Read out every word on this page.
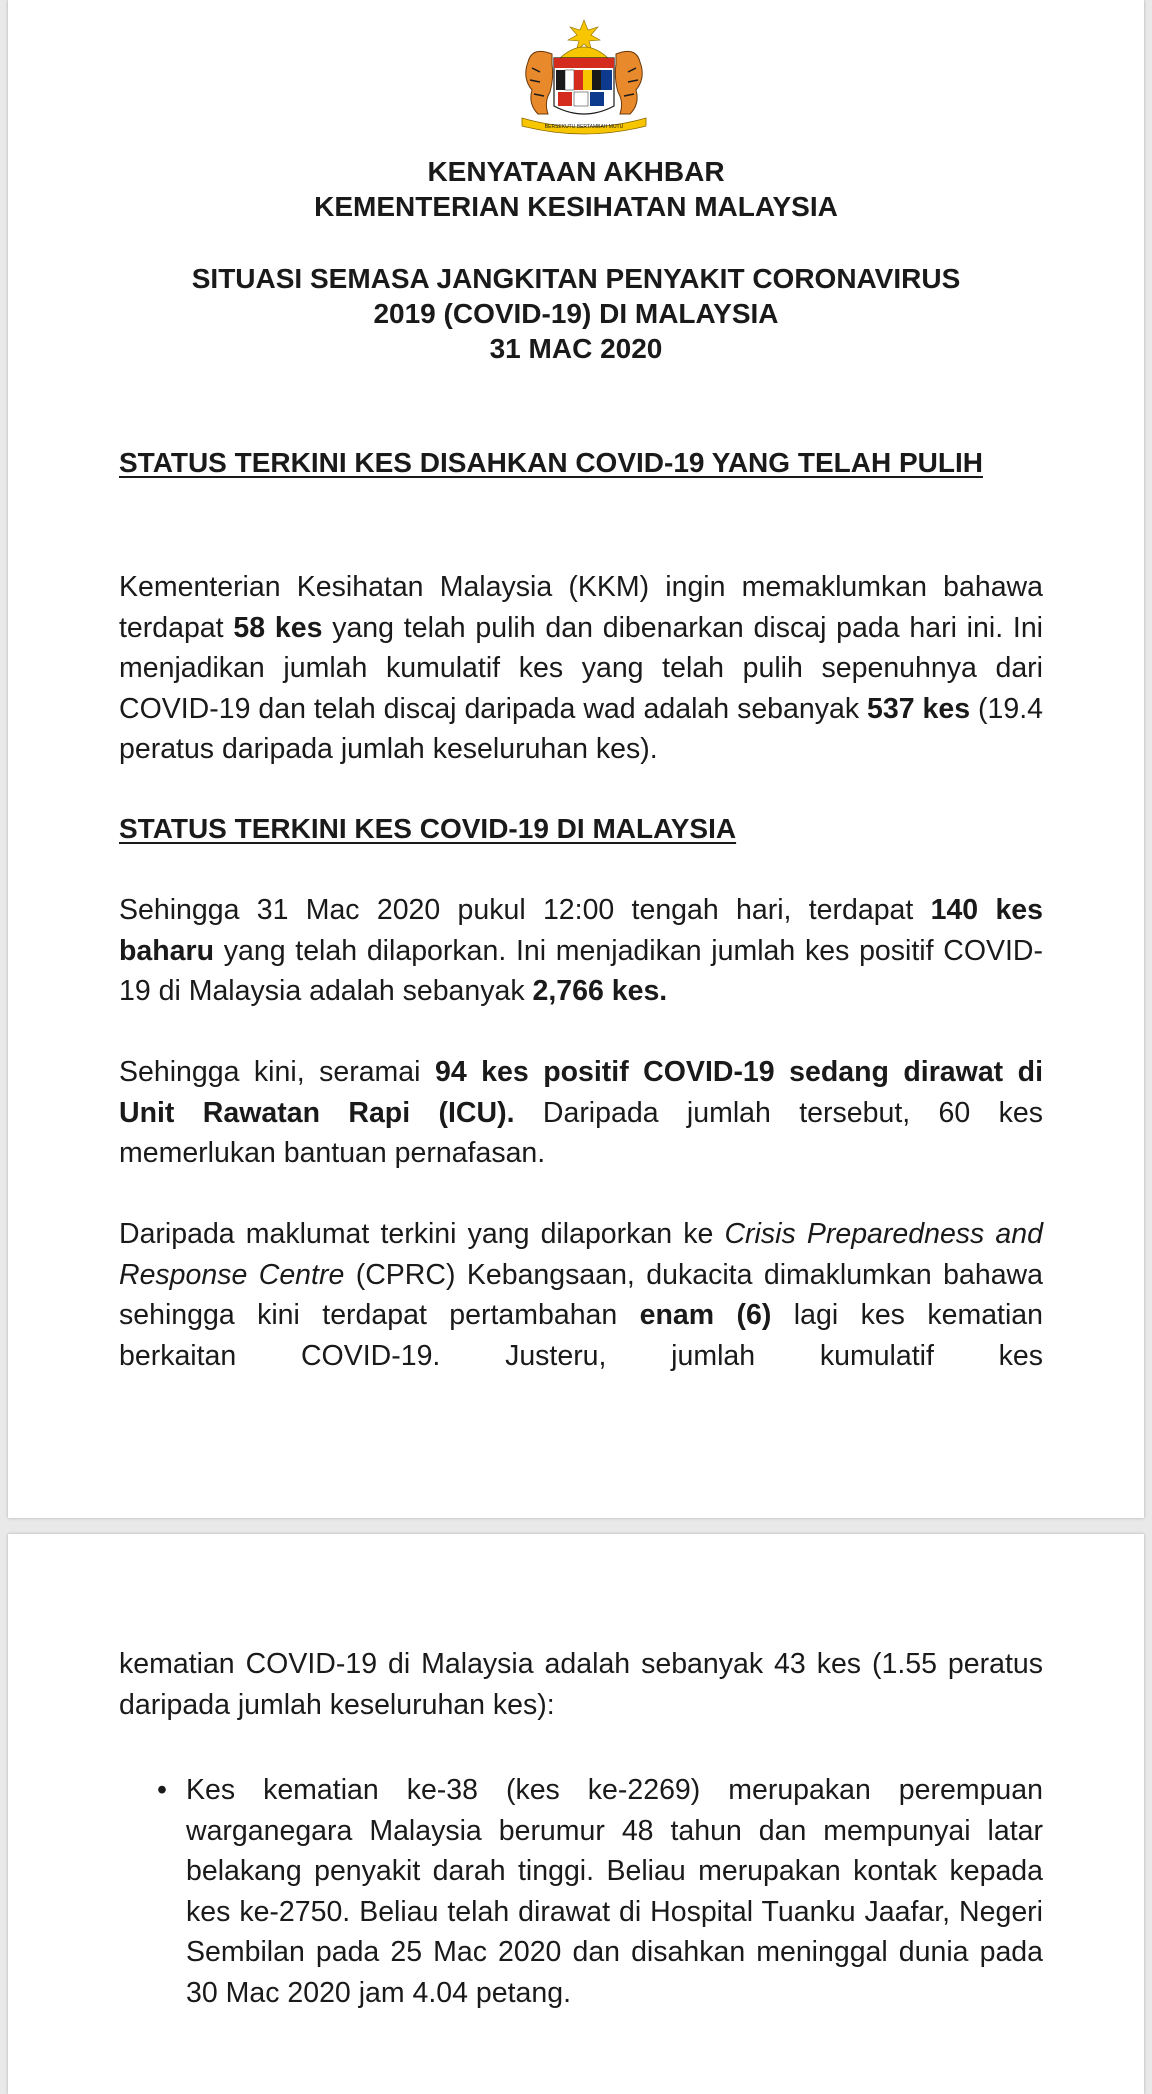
BERSEKUTU BERTAMBAH MUTU
KENYATAAN AKHBAR
KEMENTERIAN KESIHATAN MALAYSIA
SITUASI SEMASA JANGKITAN PENYAKIT CORONAVIRUS
2019 (COVID-19) DI MALAYSIA
31 MAC 2020
STATUS TERKINI KES DISAHKAN COVID-19 YANG TELAH PULIH
Kementerian Kesihatan Malaysia (KKM) ingin memaklumkan bahawa terdapat 58 kes yang telah pulih dan dibenarkan discaj pada hari ini. Ini menjadikan jumlah kumulatif kes yang telah pulih sepenuhnya dari COVID-19 dan telah discaj daripada wad adalah sebanyak 537 kes (19.4 peratus daripada jumlah keseluruhan kes).
STATUS TERKINI KES COVID-19 DI MALAYSIA
Sehingga 31 Mac 2020 pukul 12:00 tengah hari, terdapat 140 kes baharu yang telah dilaporkan. Ini menjadikan jumlah kes positif COVID-19 di Malaysia adalah sebanyak 2,766 kes.
Sehingga kini, seramai 94 kes positif COVID-19 sedang dirawat di Unit Rawatan Rapi (ICU). Daripada jumlah tersebut, 60 kes memerlukan bantuan pernafasan.
Daripada maklumat terkini yang dilaporkan ke Crisis Preparedness and Response Centre (CPRC) Kebangsaan, dukacita dimaklumkan bahawa sehingga kini terdapat pertambahan enam (6) lagi kes kematian berkaitan COVID-19. Justeru, jumlah kumulatif kes
kematian COVID-19 di Malaysia adalah sebanyak 43 kes (1.55 peratus daripada jumlah keseluruhan kes):
• Kes kematian ke-38 (kes ke-2269) merupakan perempuan warganegara Malaysia berumur 48 tahun dan mempunyai latar belakang penyakit darah tinggi. Beliau merupakan kontak kepada kes ke-2750. Beliau telah dirawat di Hospital Tuanku Jaafar, Negeri Sembilan pada 25 Mac 2020 dan disahkan meninggal dunia pada 30 Mac 2020 jam 4.04 petang.
